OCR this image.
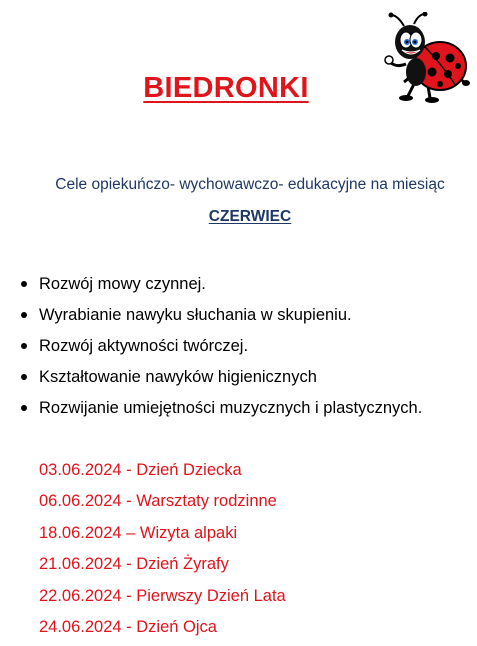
BIEDRONKI
Cele opiekuńczo- wychowawczo- edukacyjne na miesiąc
CZERWIEC
Rozwój mowy czynnej.
Wyrabianie nawyku słuchania w skupieniu.
Rozwój aktywności twórczej.
Kształtowanie nawyków higienicznych
Rozwijanie umiejętności muzycznych i plastycznych.
03.06.2024 - Dzień Dziecka
06.06.2024 - Warsztaty rodzinne
18.06.2024 – Wizyta alpaki
21.06.2024 - Dzień Żyrafy
22.06.2024 - Pierwszy Dzień Lata
24.06.2024 - Dzień Ojca
